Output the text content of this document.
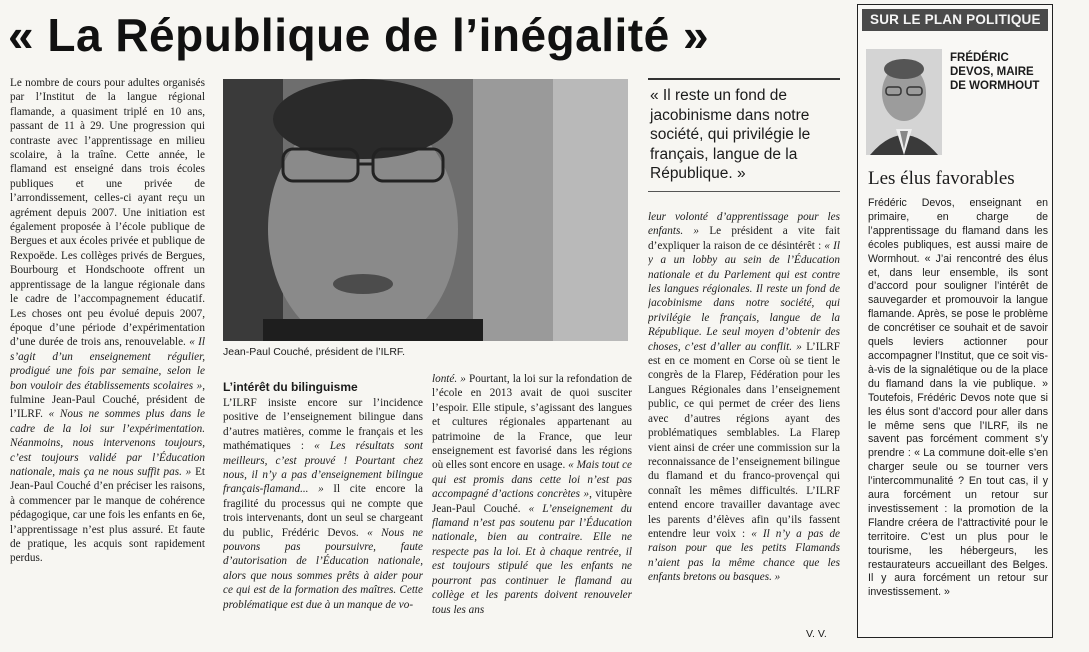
« La République de l’inégalité »

Le nombre de cours pour adultes organisés par l’Institut de la langue régional flamande, a quasiment triplé en 10 ans, passant de 11 à 29. Une progression qui contraste avec l’apprentissage en milieu scolaire, à la traîne. Cette année, le flamand est enseigné dans trois écoles publiques et une privée de l’arrondissement, celles-ci ayant reçu un agrément depuis 2007. Une initiation est également proposée à l’école publique de Bergues et aux écoles privée et publique de Rexpoëde. Les collèges privés de Bergues, Bourbourg et Hondschoote offrent un apprentissage de la langue régionale dans le cadre de l’accompagnement éducatif. Les choses ont peu évolué depuis 2007, époque d’une période d’expérimentation d’une durée de trois ans, renouvelable. « Il s’agit d’un enseignement régulier, prodigué une fois par semaine, selon le bon vouloir des établissements scolaires », fulmine Jean-Paul Couché, président de l’ILRF. « Nous ne sommes plus dans le cadre de la loi sur l’expérimentation. Néanmoins, nous intervenons toujours, c’est toujours validé par l’Éducation nationale, mais ça ne nous suffit pas. » Et Jean-Paul Couché d’en préciser les raisons, à commencer par le manque de cohérence pédagogique, car une fois les enfants en 6e, l’apprentissage n’est plus assuré. Et faute de pratique, les acquis sont rapidement perdus.

Jean-Paul Couché, président de l’ILRF.
L’intérêt du bilinguisme

L’ILRF insiste encore sur l’incidence positive de l’enseignement bilingue dans d’autres matières, comme le français et les mathématiques : « Les résultats sont meilleurs, c’est prouvé ! Pourtant chez nous, il n’y a pas d’enseignement bilingue français-flamand... » Il cite encore la fragilité du processus qui ne compte que trois intervenants, dont un seul se chargeant du public, Frédéric Devos. « Nous ne pouvons pas poursuivre, faute d’autorisation de l’Éducation nationale, alors que nous sommes prêts à aider pour ce qui est de la formation des maîtres. Cette problématique est due à un manque de vo-

lonté. » Pourtant, la loi sur la refondation de l’école en 2013 avait de quoi susciter l’espoir. Elle stipule, s’agissant des langues et cultures régionales appartenant au patrimoine de la France, que leur enseignement est favorisé dans les régions où elles sont encore en usage. « Mais tout ce qui est promis dans cette loi n’est pas accompagné d’actions concrètes », vitupère Jean-Paul Couché. « L’enseignement du flamand n’est pas soutenu par l’Éducation nationale, bien au contraire. Elle ne respecte pas la loi. Et à chaque rentrée, il est toujours stipulé que les enfants ne pourront pas continuer le flamand au collège et les parents doivent renouveler tous les ans

« Il reste un fond de jacobinisme dans notre société, qui privilégie le français, langue de la République. »

leur volonté d’apprentissage pour les enfants. » Le président a vite fait d’expliquer la raison de ce désintérêt : « Il y a un lobby au sein de l’Éducation nationale et du Parlement qui est contre les langues régionales. Il reste un fond de jacobinisme dans notre société, qui privilégie le français, langue de la République. Le seul moyen d’obtenir des choses, c’est d’aller au conflit. » L’ILRF est en ce moment en Corse où se tient le congrès de la Flarep, Fédération pour les Langues Régionales dans l’enseignement public, ce qui permet de créer des liens avec d’autres régions ayant des problématiques semblables. La Flarep vient ainsi de créer une commission sur la reconnaissance de l’enseignement bilingue du flamand et du franco-provençal qui connaît les mêmes difficultés. L’ILRF entend encore travailler davantage avec les parents d’élèves afin qu’ils fassent entendre leur voix : « Il n’y a pas de raison pour que les petits Flamands n’aient pas la même chance que les enfants bretons ou basques. »

V. V.
SUR LE PLAN POLITIQUE
FRÉDÉRIC DEVOS, MAIRE DE WORMHOUT
Les élus favorables
Frédéric Devos, enseignant en primaire, en charge de l’apprentissage du flamand dans les écoles publiques, est aussi maire de Wormhout. « J’ai rencontré des élus et, dans leur ensemble, ils sont d’accord pour souligner l’intérêt de sauvegarder et promouvoir la langue flamande. Après, se pose le problème de concrétiser ce souhait et de savoir quels leviers actionner pour accompagner l’Institut, que ce soit vis-à-vis de la signalétique ou de la place du flamand dans la vie publique. » Toutefois, Frédéric Devos note que si les élus sont d’accord pour aller dans le même sens que l’ILRF, ils ne savent pas forcément comment s’y prendre : « La commune doit-elle s’en charger seule ou se tourner vers l’intercommunalité ? En tout cas, il y aura forcément un retour sur investissement : la promotion de la Flandre créera de l’attractivité pour le territoire. C’est un plus pour le tourisme, les hébergeurs, les restaurateurs accueillant des Belges. Il y aura forcément un retour sur investissement. »
